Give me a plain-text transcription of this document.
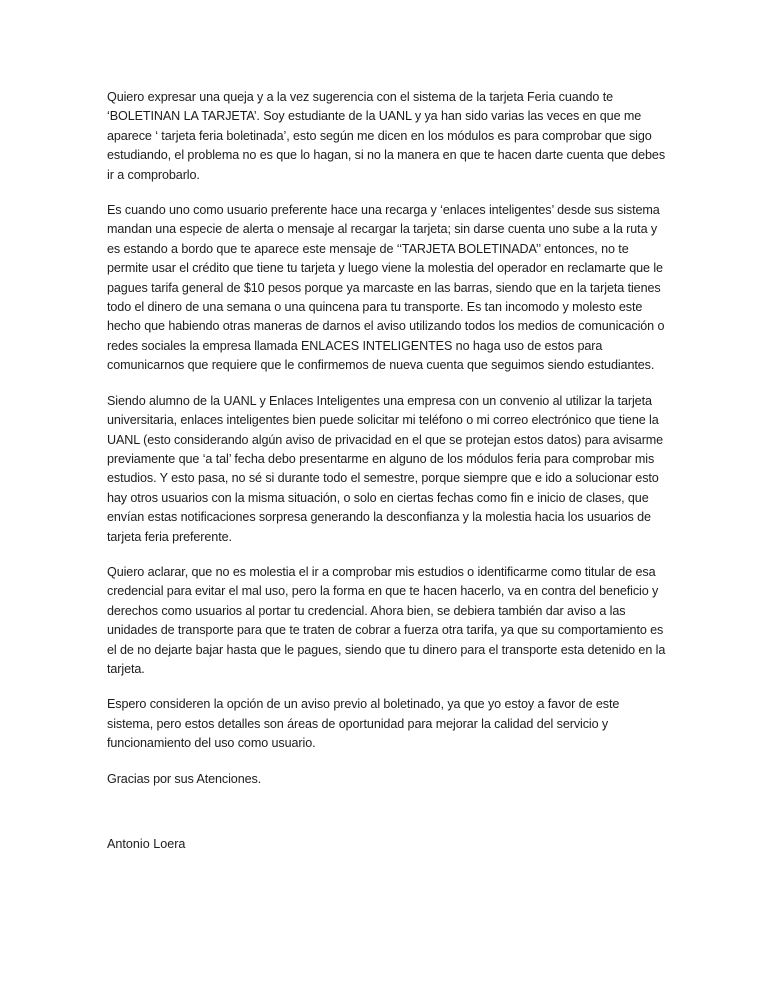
Quiero expresar una queja y a la vez sugerencia con el sistema de la tarjeta Feria cuando te ‘BOLETINAN LA TARJETA’. Soy estudiante de la UANL y ya han sido varias las veces en que me aparece ‘ tarjeta feria boletinada’, esto según me dicen en los módulos es para comprobar que sigo estudiando, el problema no es que lo hagan, si no la manera en que te hacen darte cuenta que debes ir a comprobarlo.

Es cuando uno como usuario preferente hace una recarga y ‘enlaces inteligentes’ desde sus sistema mandan una especie de alerta o mensaje al recargar la tarjeta; sin darse cuenta uno sube a la ruta y es estando a bordo que te aparece este mensaje de ‘‘TARJETA BOLETINADA’’ entonces, no te permite usar el crédito que tiene tu tarjeta y luego viene la molestia del operador en reclamarte que le pagues tarifa general de $10 pesos porque ya marcaste en las barras, siendo que en la tarjeta tienes todo el dinero de una semana o una quincena para tu transporte. Es tan incomodo y molesto este hecho que habiendo otras maneras de darnos el aviso utilizando todos los medios de comunicación o redes sociales la empresa llamada ENLACES INTELIGENTES no haga uso de estos para comunicarnos que requiere que le confirmemos de nueva cuenta que seguimos siendo estudiantes.

Siendo alumno de la UANL y Enlaces Inteligentes una empresa con un convenio al utilizar la tarjeta universitaria, enlaces inteligentes bien puede solicitar mi teléfono o mi correo electrónico que tiene la UANL (esto considerando algún aviso de privacidad en el que se protejan estos datos) para avisarme previamente que ‘a tal’ fecha debo presentarme en alguno de los módulos feria para comprobar mis estudios. Y esto pasa, no sé si durante todo el semestre, porque siempre que e ido a solucionar esto hay otros usuarios con la misma situación, o solo en ciertas fechas como fin e inicio de clases, que envían estas notificaciones sorpresa generando la desconfianza y la molestia hacia los usuarios de tarjeta feria preferente.

Quiero aclarar, que no es molestia el ir a comprobar mis estudios o identificarme como titular de esa credencial para evitar el mal uso, pero la forma en que te hacen hacerlo, va en contra del beneficio y derechos como usuarios al portar tu credencial. Ahora bien, se debiera también dar aviso a las unidades de transporte para que te traten de cobrar a fuerza otra tarifa, ya que su comportamiento es el de no dejarte bajar hasta que le pagues, siendo que tu dinero para el transporte esta detenido en la tarjeta.

Espero consideren la opción de un aviso previo al boletinado, ya que yo estoy a favor de este sistema, pero estos detalles son áreas de oportunidad para mejorar la calidad del servicio y funcionamiento del uso como usuario.

Gracias por sus Atenciones.

Antonio Loera
